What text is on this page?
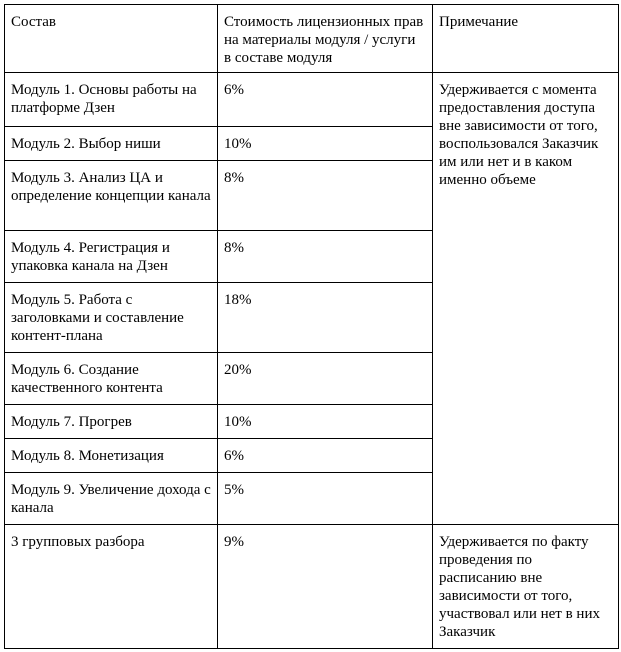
Состав	Стоимость лицензионных прав на материалы модуля / услуги в составе модуля	Примечание
Модуль 1. Основы работы на платформе Дзен	6%	Удерживается с момента предоставления доступа вне зависимости от того, воспользовался Заказчик им или нет и в каком именно объеме
Модуль 2. Выбор ниши	10%	
Модуль 3. Анализ ЦА и определение концепции канала	8%	
Модуль 4. Регистрация и упаковка канала на Дзен	8%	
Модуль 5. Работа с заголовками и составление контент-плана	18%	
Модуль 6. Создание качественного контента	20%	
Модуль 7. Прогрев	10%	
Модуль 8. Монетизация	6%	
Модуль 9. Увеличение дохода с канала	5%	
3 групповых разбора	9%	Удерживается по факту проведения по расписанию вне зависимости от того, участвовал или нет в них Заказчик
